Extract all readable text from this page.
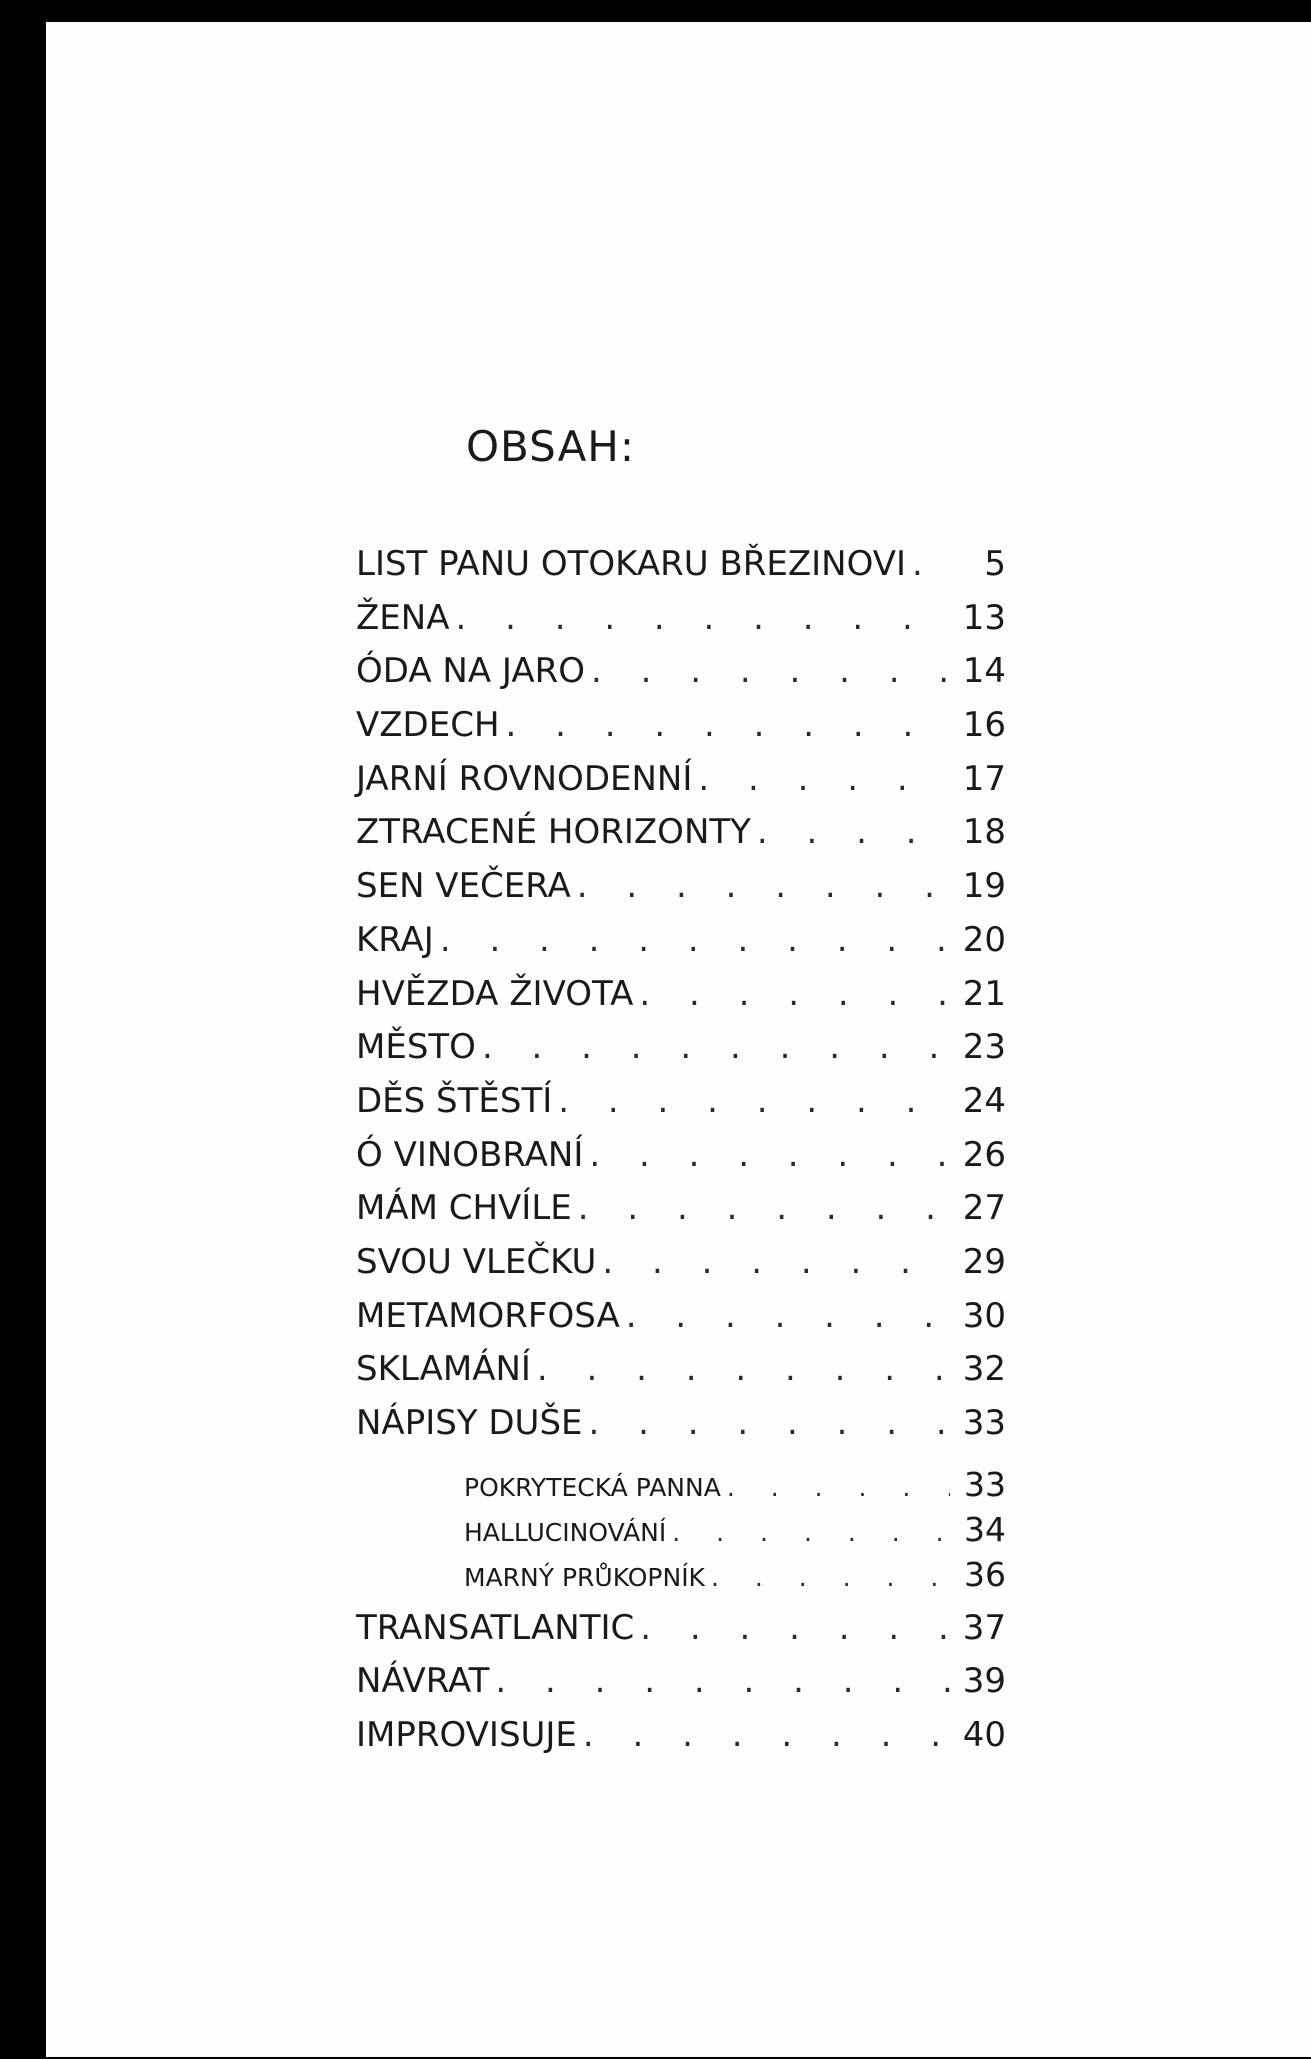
OBSAH:
LIST PANU OTOKARU BŘEZINOVI . . .	5
ŽENA . . .	13
ÓDA NA JARO . . .	14
VZDECH . . .	16
JARNÍ ROVNODENNÍ . . .	17
ZTRACENÉ HORIZONTY . . .	18
SEN VEČERA . . .	19
KRAJ . . .	20
HVĚZDA ŽIVOTA . . .	21
MĚSTO . . .	23
DĚS ŠTĚSTÍ . . .	24
Ó VINOBRANÍ . . .	26
MÁM CHVÍLE . . .	27
SVOU VLEČKU . . .	29
METAMORFOSA . . .	30
SKLAMÁNÍ . . .	32
NÁPISY DUŠE . . .	33
POKRYTECKÁ PANNA . . .	33
HALLUCINOVÁNÍ . . .	34
MARNÝ PRŮKOPNÍK . . .	36
TRANSATLANTIC . . .	37
NÁVRAT . . .	39
IMPROVISUJE . . .	40
